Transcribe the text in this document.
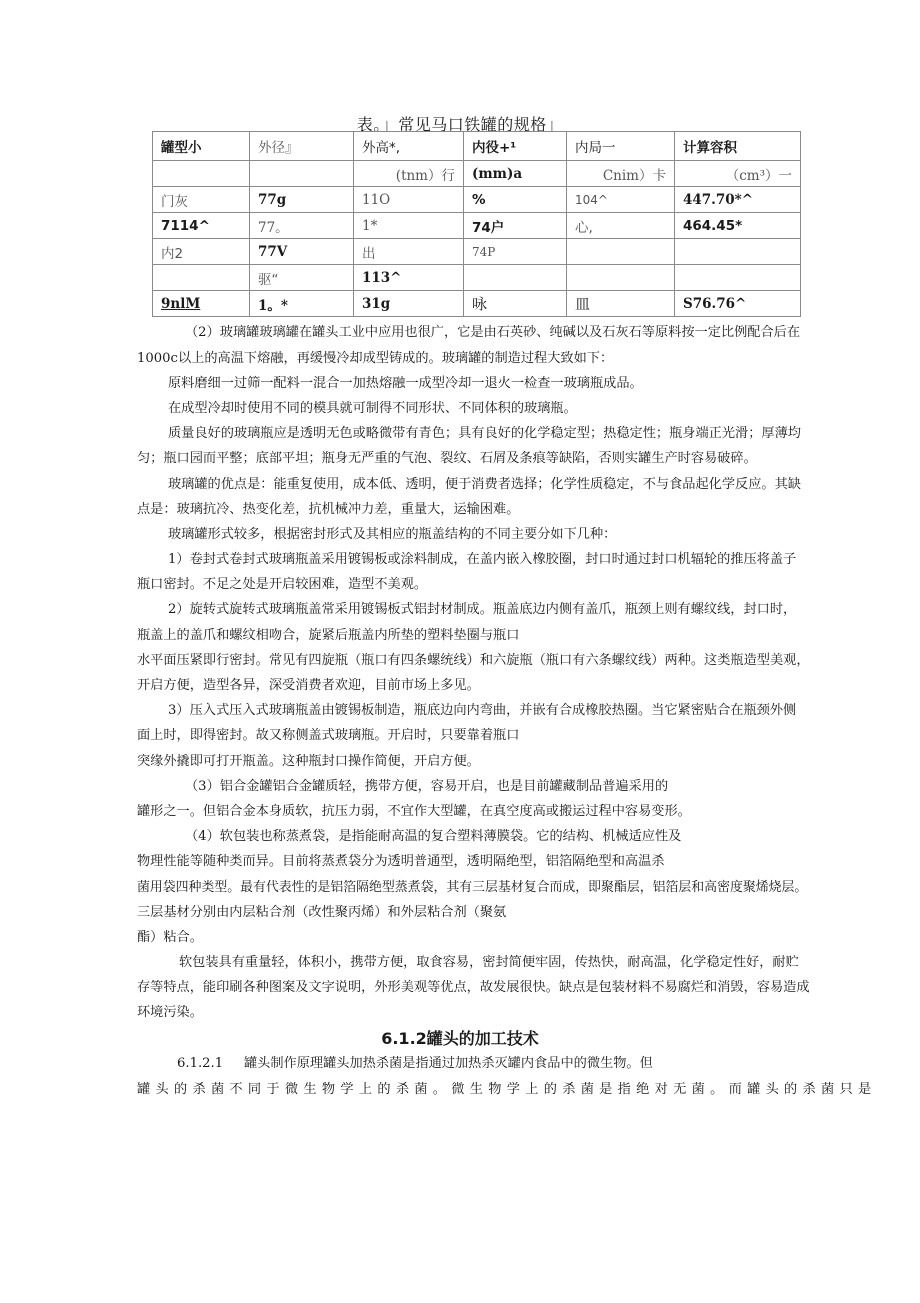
表。」常见马口铁罐的规格」
罐型小	外径』	外高*,	内役+¹	内局一	计算容积
		(tnm）行	(mm)a	Cnim）卡	（cm³）一
门灰	77g	11O	%	104^	447.70*^
7114^	77。	1*	74户	心,	464.45*
内2	77V	出	74P		
	驱“	113^			
9nlM	1。*	31g	咏	皿	S76.76^
（2）玻璃罐玻璃罐在罐头工业中应用也很广，它是由石英砂、纯碱以及石灰石等原料按一定比例配合后在
1000c以上的高温下熔融，再缓慢冷却成型铸成的。玻璃罐的制造过程大致如下：
原料磨细一过筛一配料一混合一加热熔融一成型冷却一退火一检查一玻璃瓶成品。
在成型冷却时使用不同的模具就可制得不同形状、不同体积的玻璃瓶。
质量良好的玻璃瓶应是透明无色或略微带有青色；具有良好的化学稳定型；热稳定性；瓶身端正光滑；厚薄均
匀；瓶口园而平整；底部平坦；瓶身无严重的气泡、裂纹、石屑及条痕等缺陷，否则实罐生产时容易破碎。
玻璃罐的优点是：能重复使用，成本低、透明，便于消费者选择；化学性质稳定，不与食品起化学反应。其缺
点是：玻璃抗冷、热变化差，抗机械冲力差，重量大，运输困难。
玻璃罐形式较多，根据密封形式及其相应的瓶盖结构的不同主要分如下几种：
1）卷封式卷封式玻璃瓶盖采用镀锡板或涂料制成，在盖内嵌入橡胶圈，封口时通过封口机辐轮的推压将盖子
瓶口密封。不足之处是开启较困难，造型不美观。
2）旋转式旋转式玻璃瓶盖常采用镀锡板式铝封材制成。瓶盖底边内侧有盖爪，瓶颈上则有螺纹线，封口时，
瓶盖上的盖爪和螺纹相吻合，旋紧后瓶盖内所垫的塑料垫圈与瓶口
水平面压紧即行密封。常见有四旋瓶（瓶口有四条螺统线）和六旋瓶（瓶口有六条螺纹线）两种。这类瓶造型美观，
开启方便，造型各异，深受消费者欢迎，目前市场上多见。
3）压入式压入式玻璃瓶盖由镀锡板制造，瓶底边向内弯曲，并嵌有合成橡胶热圈。当它紧密贴合在瓶颈外侧
面上时，即得密封。故又称侧盖式玻璃瓶。开启时，只要靠着瓶口
突缘外撬即可打开瓶盖。这种瓶封口操作简便，开启方便。
（3）铝合金罐铝合金罐质轻，携带方便，容易开启，也是目前罐藏制品普遍采用的
罐形之一。但铝合金本身质软，抗压力弱，不宜作大型罐，在真空度高或搬运过程中容易变形。
（4）软包装也称蒸煮袋，是指能耐高温的复合塑料薄膜袋。它的结构、机械适应性及
物理性能等随种类而异。目前将蒸煮袋分为透明普通型，透明隔绝型，铝箔隔绝型和高温杀
菌用袋四种类型。最有代表性的是铝箔隔绝型蒸煮袋，其有三层基材复合而成，即聚酯层，铝箔层和高密度聚烯烧层。
三层基材分别由内层粘合剂（改性聚丙烯）和外层粘合剂（聚氨
酯）粘合。
软包装具有重量轻，体积小，携带方便，取食容易，密封简便牢固，传热快，耐高温，化学稳定性好，耐贮
存等特点，能印刷各种图案及文字说明，外形美观等优点，故发展很快。缺点是包装材料不易腐烂和消毁，容易造成
环境污染。
6.1.2罐头的加工技术
6.1.2.1 罐头制作原理罐头加热杀菌是指通过加热杀灭罐内食品中的微生物。但
罐头的杀菌不同于微生物学上的杀菌。微生物学上的杀菌是指绝对无菌。而罐头的杀菌只是
